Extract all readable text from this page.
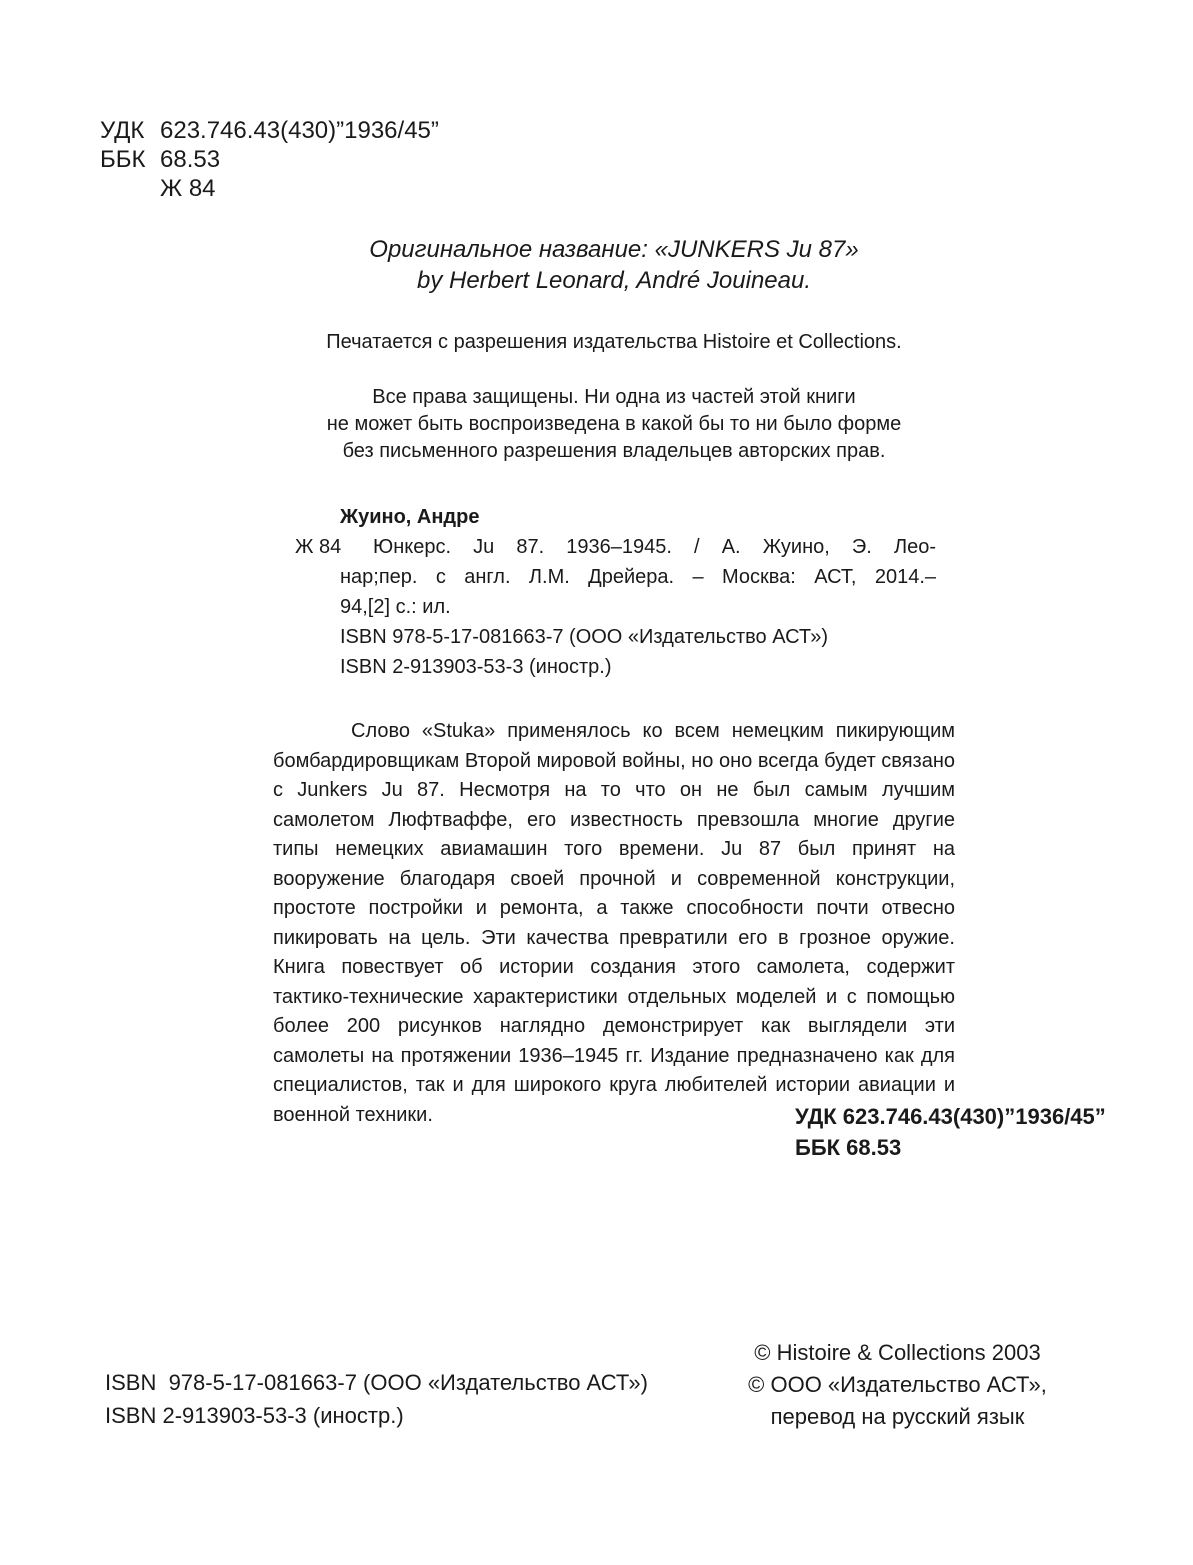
УДК 623.746.43(430)”1936/45”
ББК 68.53
Ж 84
Оригинальное название: «JUNKERS Ju 87»
by Herbert Leonard, André Jouineau.
Печатается с разрешения издательства Histoire et Collections.
Все права защищены. Ни одна из частей этой книги
не может быть воспроизведена в какой бы то ни было форме
без письменного разрешения владельцев авторских прав.
Жуино, Андре
Ж 84	Юнкерс. Ju 87. 1936–1945. / А. Жуино, Э. Лео-
нар;пер. с англ. Л.М. Дрейера. – Москва: АСТ, 2014.–
94,[2] с.: ил.
ISBN 978-5-17-081663-7 (ООО «Издательство АСТ»)
ISBN 2-913903-53-3 (иностр.)

Слово «Stuka» применялось ко всем немецким пикирующим бомбардировщикам Второй мировой войны, но оно всегда будет связано с Junkers Ju 87. Несмотря на то что он не был самым лучшим самолетом Люфтваффе, его известность превзошла многие другие типы немецких авиамашин того времени. Ju 87 был принят на вооружение благодаря своей прочной и современной конструкции, простоте постройки и ремонта, а также способности почти отвесно пикировать на цель. Эти качества превратили его в грозное оружие. Книга повествует об истории создания этого самолета, содержит тактико-технические характеристики отдельных моделей и с помощью более 200 рисунков наглядно демонстрирует как выглядели эти самолеты на протяжении 1936–1945 гг. Издание предназначено как для специалистов, так и для широкого круга любителей истории авиации и военной техники.	УДК 623.746.43(430)”1936/45”
ББК 68.53
ISBN  978-5-17-081663-7 (ООО «Издательство АСТ»)
ISBN 2-913903-53-3 (иностр.)
© Histoire & Collections 2003
© ООО «Издательство АСТ»,
перевод на русский язык
